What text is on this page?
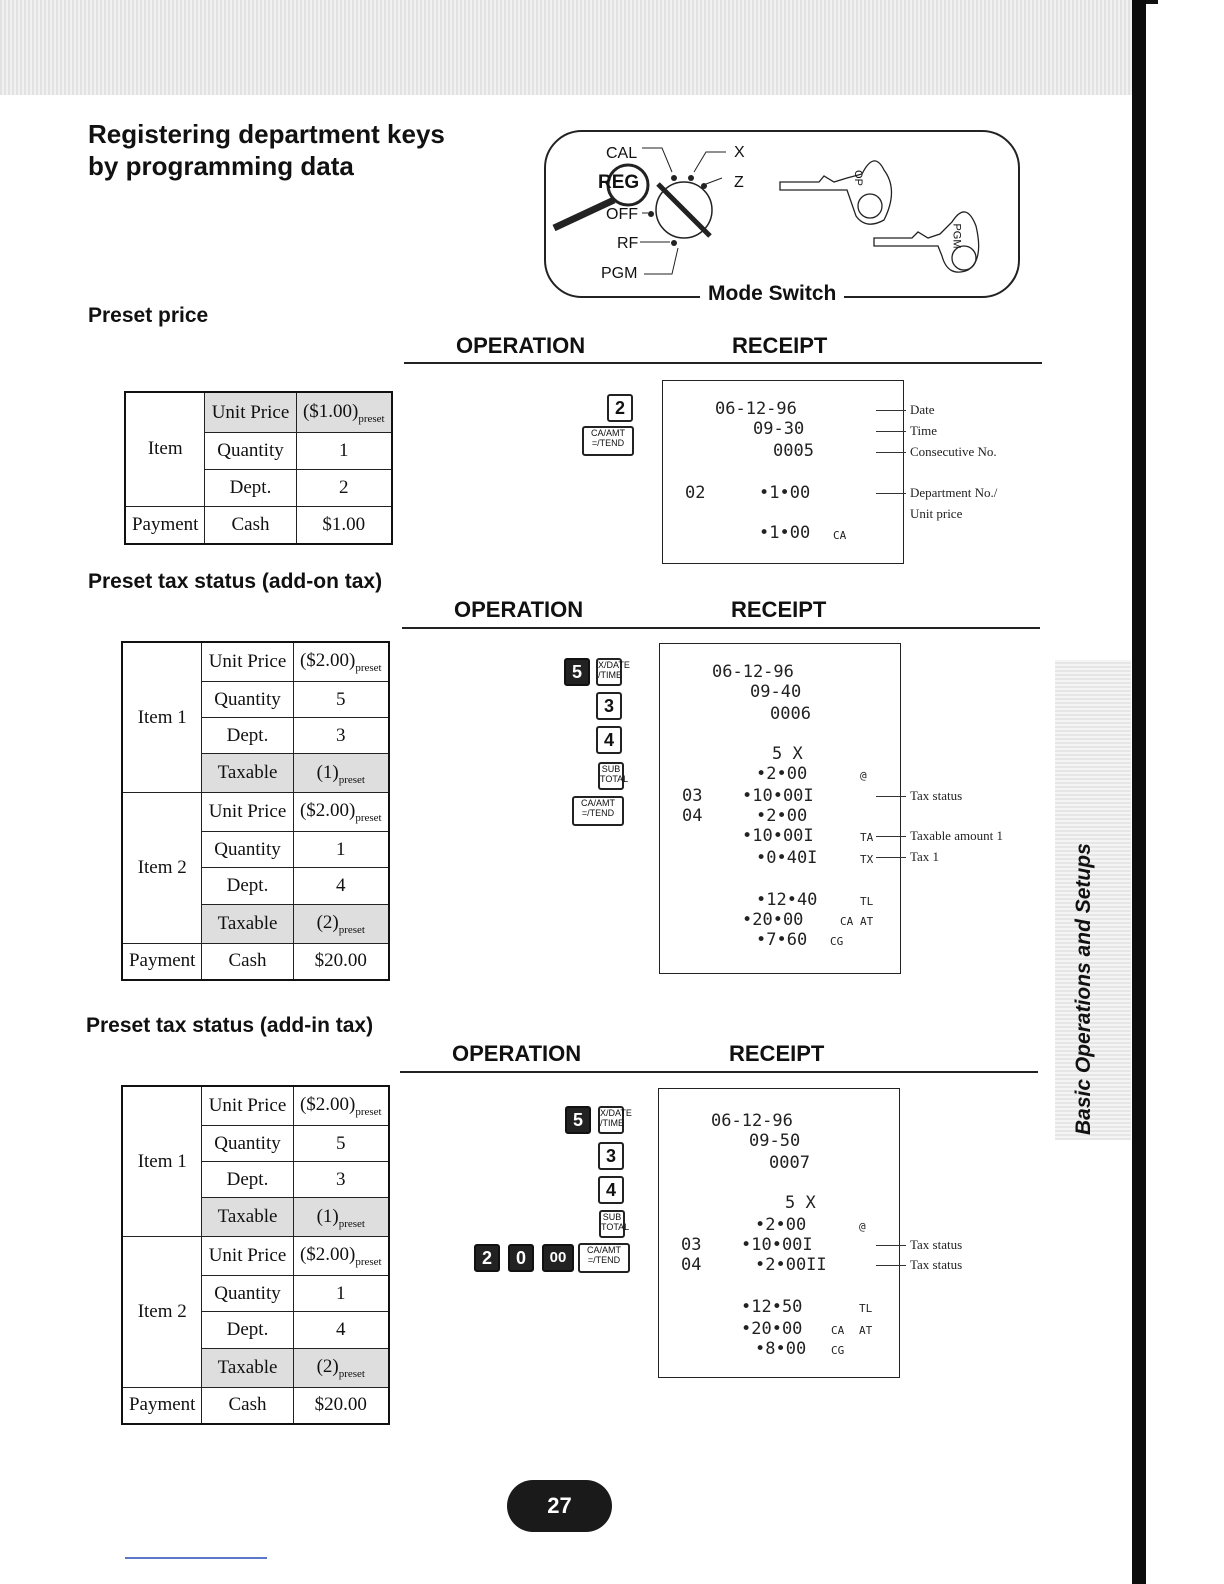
Basic Operations and Setups
Registering department keys
by programming data	CAL
REG
OFF
RF
PGM
X
Z	OP
PGM
Mode Switch
Preset price
OPERATION	RECEIPT
Item	Unit Price	$(\$1.00)_{preset}$
	Quantity	1
	Dept.	2
Payment	Cash	$1.00
2
CA/AMT
=/TEND
06-12-96
09-30
0005
02	•1•00
•1•00 CA
Date
Time
Consecutive No.
Department No./
Unit price
Preset tax status (add-on tax)
OPERATION	RECEIPT
Item 1	Unit Price	$(\$2.00)_{preset}$
	Quantity	5
	Dept.	3
	Taxable	$(1)_{preset}$
Item 2	Unit Price	$(\$2.00)_{preset}$
	Quantity	1
	Dept.	4
	Taxable	$(2)_{preset}$
Payment	Cash	$20.00
5	X/DATE
/TIME
3
4
SUB
TOTAL
CA/AMT
=/TEND
06-12-96
09-40
0006
5 X
•2•00	@
03 •10•00I
04	•2•00
•10•00I	TA
•0•40I	TX
•12•40	TL
•20•00	CA AT
•7•60 CG
Tax status
Taxable amount 1
Tax 1
Preset tax status (add-in tax)
OPERATION	RECEIPT
Item 1	Unit Price	$(\$2.00)_{preset}$
	Quantity	5
	Dept.	3
	Taxable	$(1)_{preset}$
Item 2	Unit Price	$(\$2.00)_{preset}$
	Quantity	1
	Dept.	4
	Taxable	$(2)_{preset}$
Payment	Cash	$20.00
5	X/DATE
/TIME
3
4
SUB
TOTAL
2	0	00	CA/AMT
=/TEND
06-12-96
09-50
0007
5 X
•2•00	@
03 •10•00I
04	•2•00II
•12•50	TL
•20•00	CA AT
•8•00 CG
Tax status
Tax status
27
